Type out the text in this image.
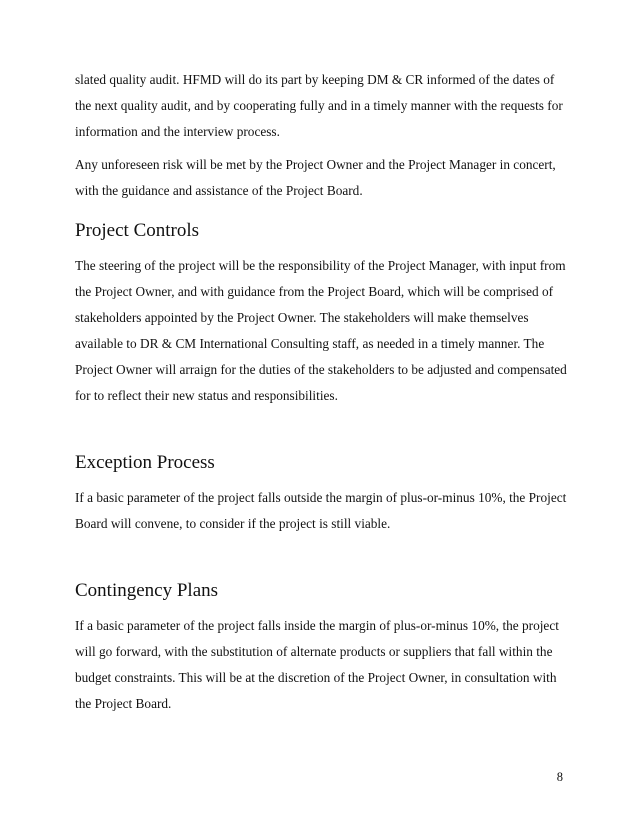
slated quality audit. HFMD will do its part by keeping DM & CR informed of the dates of the next quality audit, and by cooperating fully and in a timely manner with the requests for information and the interview process.

Any unforeseen risk will be met by the Project Owner and the Project Manager in concert, with the guidance and assistance of the Project Board.

Project Controls

The steering of the project will be the responsibility of the Project Manager, with input from the Project Owner, and with guidance from the Project Board, which will be comprised of stakeholders appointed by the Project Owner. The stakeholders will make themselves available to DR & CM International Consulting staff, as needed in a timely manner. The Project Owner will arraign for the duties of the stakeholders to be adjusted and compensated for to reflect their new status and responsibilities.

Exception Process

If a basic parameter of the project falls outside the margin of plus-or-minus 10%, the Project Board will convene, to consider if the project is still viable.

Contingency Plans

If a basic parameter of the project falls inside the margin of plus-or-minus 10%, the project will go forward, with the substitution of alternate products or suppliers that fall within the budget constraints. This will be at the discretion of the Project Owner, in consultation with the Project Board.

8
